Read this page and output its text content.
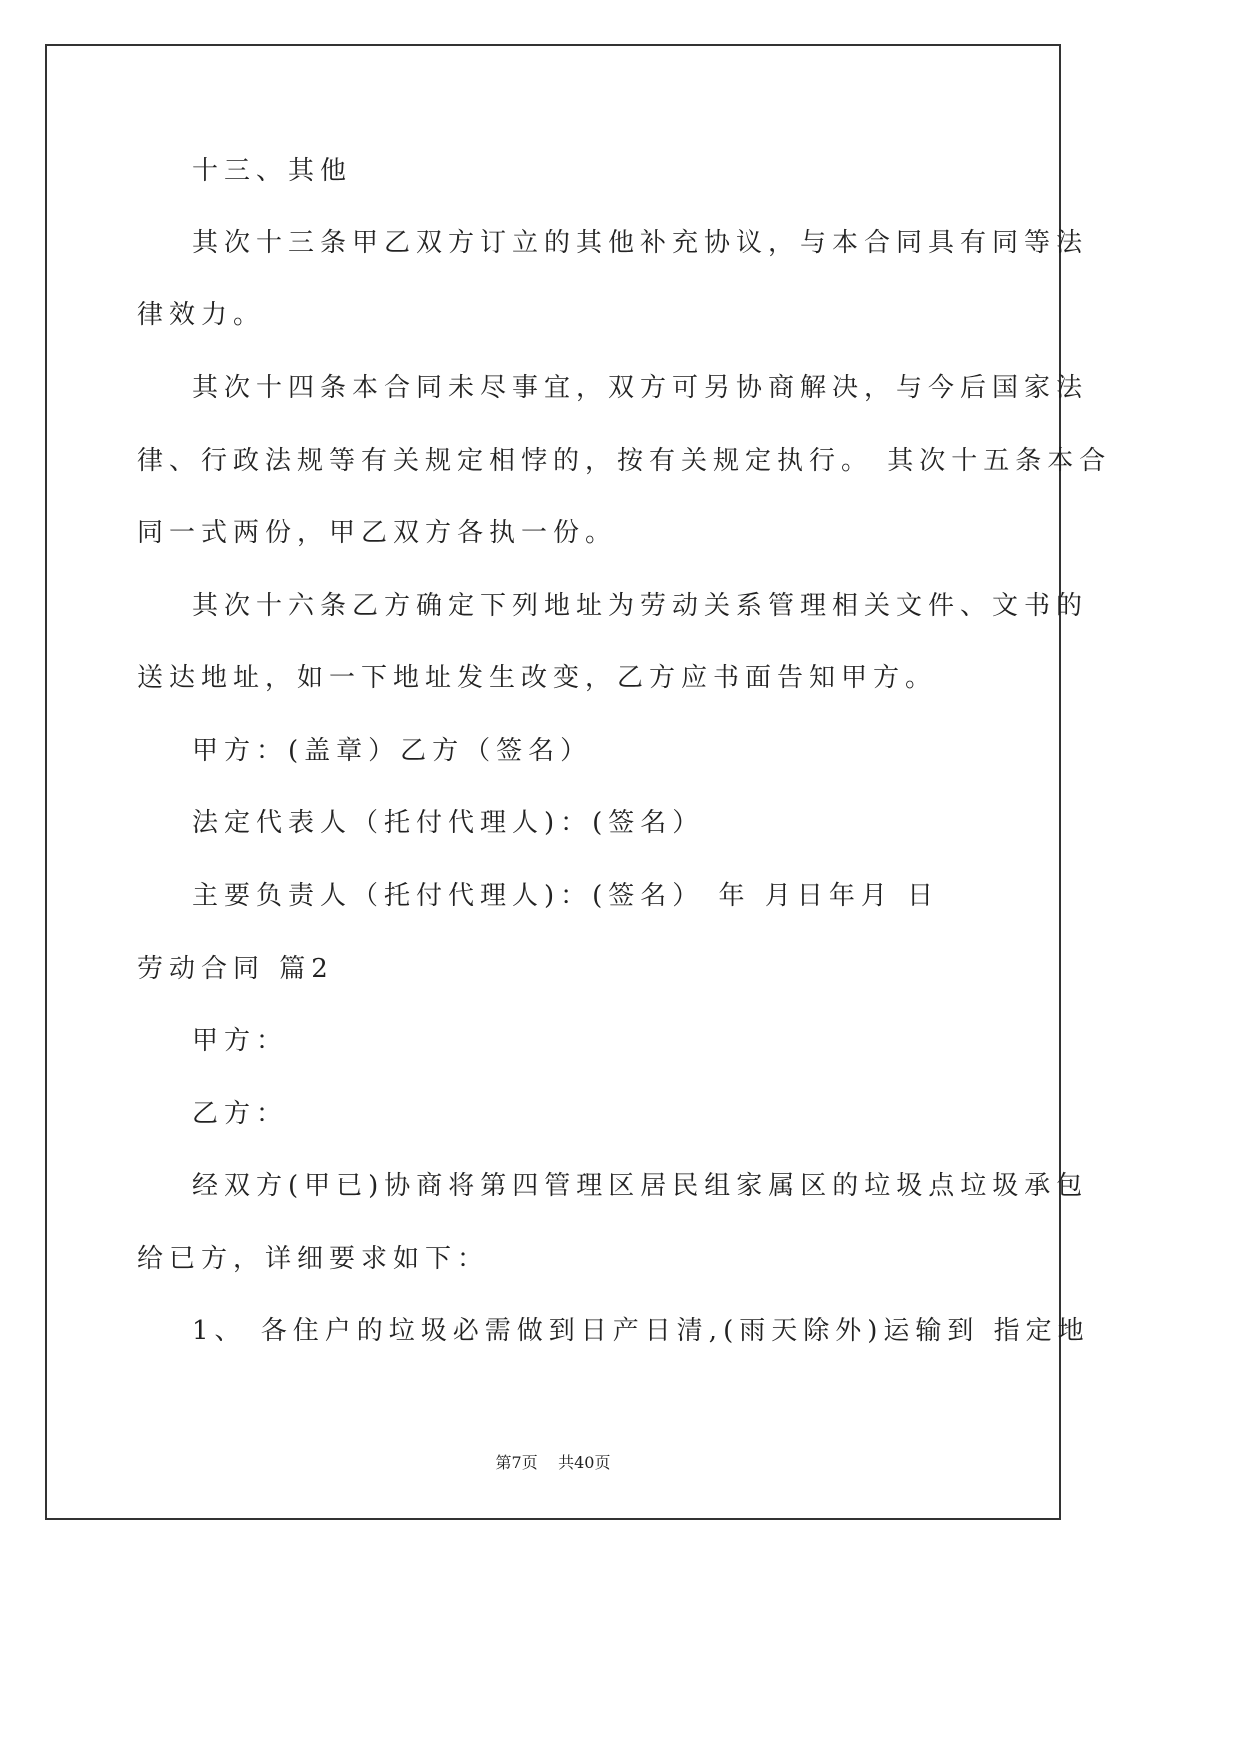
十三、其他
其次十三条甲乙双方订立的其他补充协议，与本合同具有同等法
律效力。
其次十四条本合同未尽事宜，双方可另协商解决，与今后国家法
律、行政法规等有关规定相悖的，按有关规定执行。 其次十五条本合
同一式两份，甲乙双方各执一份。
其次十六条乙方确定下列地址为劳动关系管理相关文件、文书的
送达地址，如一下地址发生改变，乙方应书面告知甲方。
甲方：(盖章）乙方（签名）
法定代表人（托付代理人)：(签名）
主要负责人（托付代理人)：(签名） 年 月日年月 日
劳动合同 篇2
甲方：
乙方：
经双方(甲已)协商将第四管理区居民组家属区的垃圾点垃圾承包
给已方，详细要求如下：
1、 各住户的垃圾必需做到日产日清,(雨天除外)运输到 指定地
第7页 共40页
